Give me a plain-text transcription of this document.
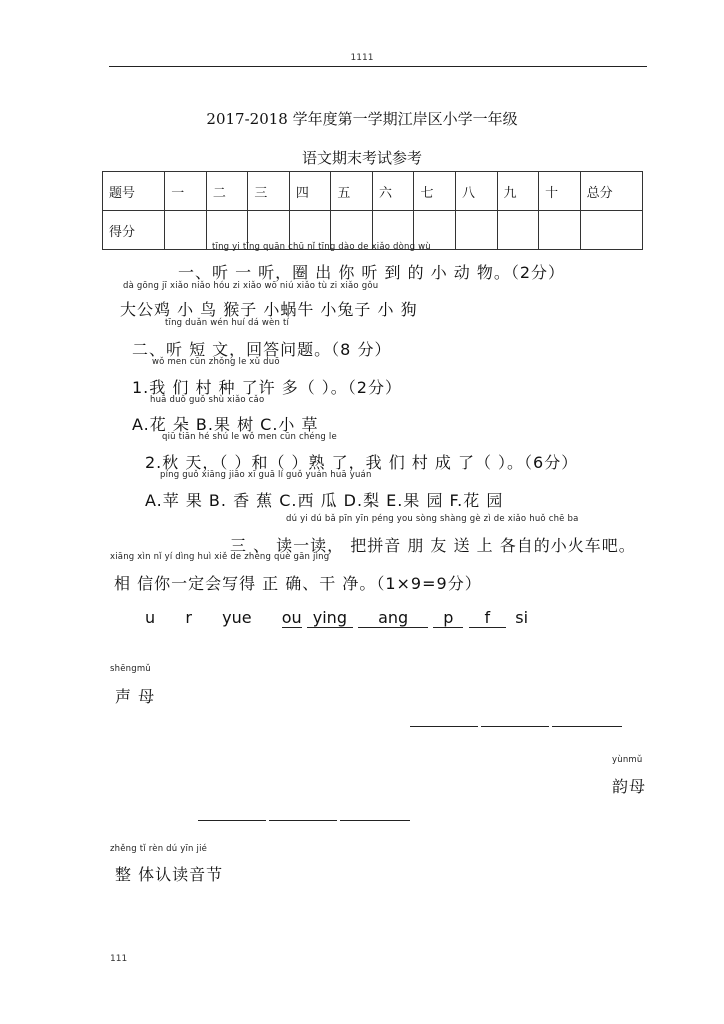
1111
2017-2018 学年度第一学期江岸区小学一年级
语文期末考试参考
题号	一	二	三	四	五	六	七	八	九	十	总分
得分											
tīng yi tīng quān chū nǐ tīng dào de xiǎo dòng wù
一、听 一 听，圈 出 你 听 到 的 小 动 物。（2分）
dà gōng jī xiǎo niǎo hóu zi xiǎo wō niú xiǎo tù zi xiǎo gǒu
大公鸡 小 鸟 猴子 小蜗牛 小兔子 小 狗
tīng duǎn wén huí dá wèn tí
二、听 短 文，回答问题。（8 分）
wǒ men cūn zhǒng le xǔ duō
1.我 们 村 种 了许 多（ ）。（2分）
huā duǒ guǒ shù xiǎo cǎo
A.花 朵 B.果 树 C.小 草
qiū tiān hé shú le wǒ men cūn chéng le
2.秋 天，（ ）和（ ）熟 了，我 们 村 成 了（ ）。（6分）
píng guǒ xiāng jiāo xī guā lí guǒ yuán huā yuán
A.苹 果 B. 香 蕉 C.西 瓜 D.梨 E.果 园 F.花 园
dú yi dú bǎ pīn yīn péng you sòng shàng gè zì de xiǎo huǒ chē ba
三 、 读一读， 把拼音 朋 友 送 上 各自的小火车吧。
xiāng xìn nǐ yí dìng huì xiě de zhèng què gān jìng
相 信你一定会写得 正 确、干 净。（1×9=9分）
u r yue ou ying ang p f si
shēngmǔ
声 母
yùnmǔ
韵母
zhěng tǐ rèn dú yīn jié
整 体认读音节
111
